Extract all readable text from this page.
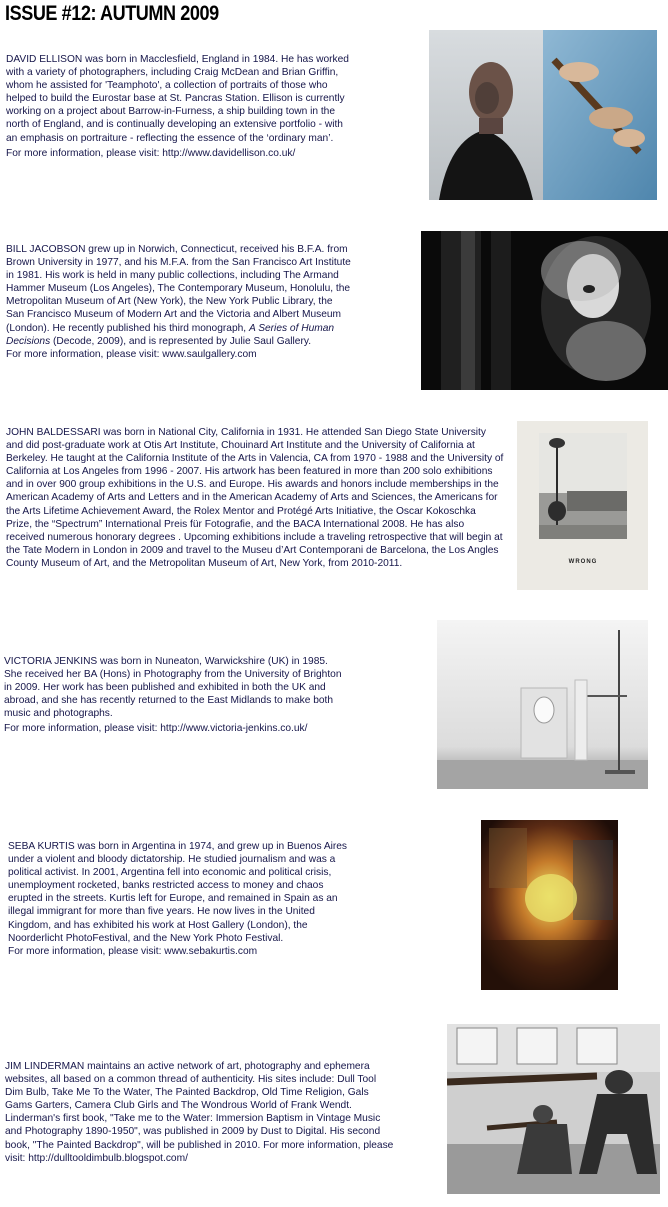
ISSUE #12: AUTUMN 2009

DAVID ELLISON was born in Macclesfield, England in 1984. He has worked with a variety of photographers, including Craig McDean and Brian Griffin, whom he assisted for 'Teamphoto', a collection of portraits of those who helped to build the Eurostar base at St. Pancras Station. Ellison is currently working on a project about Barrow-in-Furness, a ship building town in the north of England, and is continually developing an extensive portfolio - with an emphasis on portraiture - reflecting the essence of the ‘ordinary man’.

For more information, please visit: http://www.davidellison.co.uk/

BILL JACOBSON grew up in Norwich, Connecticut, received his B.F.A. from Brown University in 1977, and his M.F.A. from the San Francisco Art Institute in 1981. His work is held in many public collections, including The Armand Hammer Museum (Los Angeles), The Contemporary Museum, Honolulu, the Metropolitan Museum of Art (New York), the New York Public Library, the San Francisco Museum of Modern Art and the Victoria and Albert Museum (London). He recently published his third monograph, A Series of Human Decisions (Decode, 2009), and is represented by Julie Saul Gallery.

For more information, please visit: www.saulgallery.com

JOHN BALDESSARI was born in National City, California in 1931. He attended San Diego State University and did post-graduate work at Otis Art Institute, Chouinard Art Institute and the University of California at Berkeley. He taught at the California Institute of the Arts in Valencia, CA from 1970 - 1988 and the University of California at Los Angeles from 1996 - 2007. His artwork has been featured in more than 200 solo exhibitions and in over 900 group exhibitions in the U.S. and Europe. His awards and honors include memberships in the American Academy of Arts and Letters and in the American Academy of Arts and Sciences, the Americans for the Arts Lifetime Achievement Award, the Rolex Mentor and Protégé Arts Initiative, the Oscar Kokoschka Prize, the “Spectrum” International Preis für Fotografie, and the BACA International 2008. He has also received numerous honorary degrees . Upcoming exhibitions include a traveling retrospective that will begin at the Tate Modern in London in 2009 and travel to the Museu d’Art Contemporani de Barcelona, the Los Angles County Museum of Art, and the Metropolitan Museum of Art, New York, from 2010-2011.	WRONG

VICTORIA JENKINS was born in Nuneaton, Warwickshire (UK) in 1985. She received her BA (Hons) in Photography from the University of Brighton in 2009. Her work has been published and exhibited in both the UK and abroad, and she has recently returned to the East Midlands to make both music and photographs.

For more information, please visit: http://www.victoria-jenkins.co.uk/

SEBA KURTIS was born in Argentina in 1974, and grew up in Buenos Aires under a violent and bloody dictatorship. He studied journalism and was a political activist. In 2001, Argentina fell into economic and political crisis, unemployment rocketed, banks restricted access to money and chaos erupted in the streets. Kurtis left for Europe, and remained in Spain as an illegal immigrant for more than five years. He now lives in the United Kingdom, and has exhibited his work at Host Gallery (London), the Noorderlicht PhotoFestival, and the New York Photo Festival.

For more information, please visit: www.sebakurtis.com

JIM LINDERMAN maintains an active network of art, photography and ephemera websites, all based on a common thread of authenticity. His sites include: Dull Tool Dim Bulb, Take Me To the Water, The Painted Backdrop, Old Time Religion, Gals Gams Garters, Camera Club Girls and The Wondrous World of Frank Wendt. Linderman's first book, "Take me to the Water: Immersion Baptism in Vintage Music and Photography 1890-1950", was published in 2009 by Dust to Digital. His second book, "The Painted Backdrop", will be published in 2010. For more information, please visit: http://dulltooldimbulb.blogspot.com/
